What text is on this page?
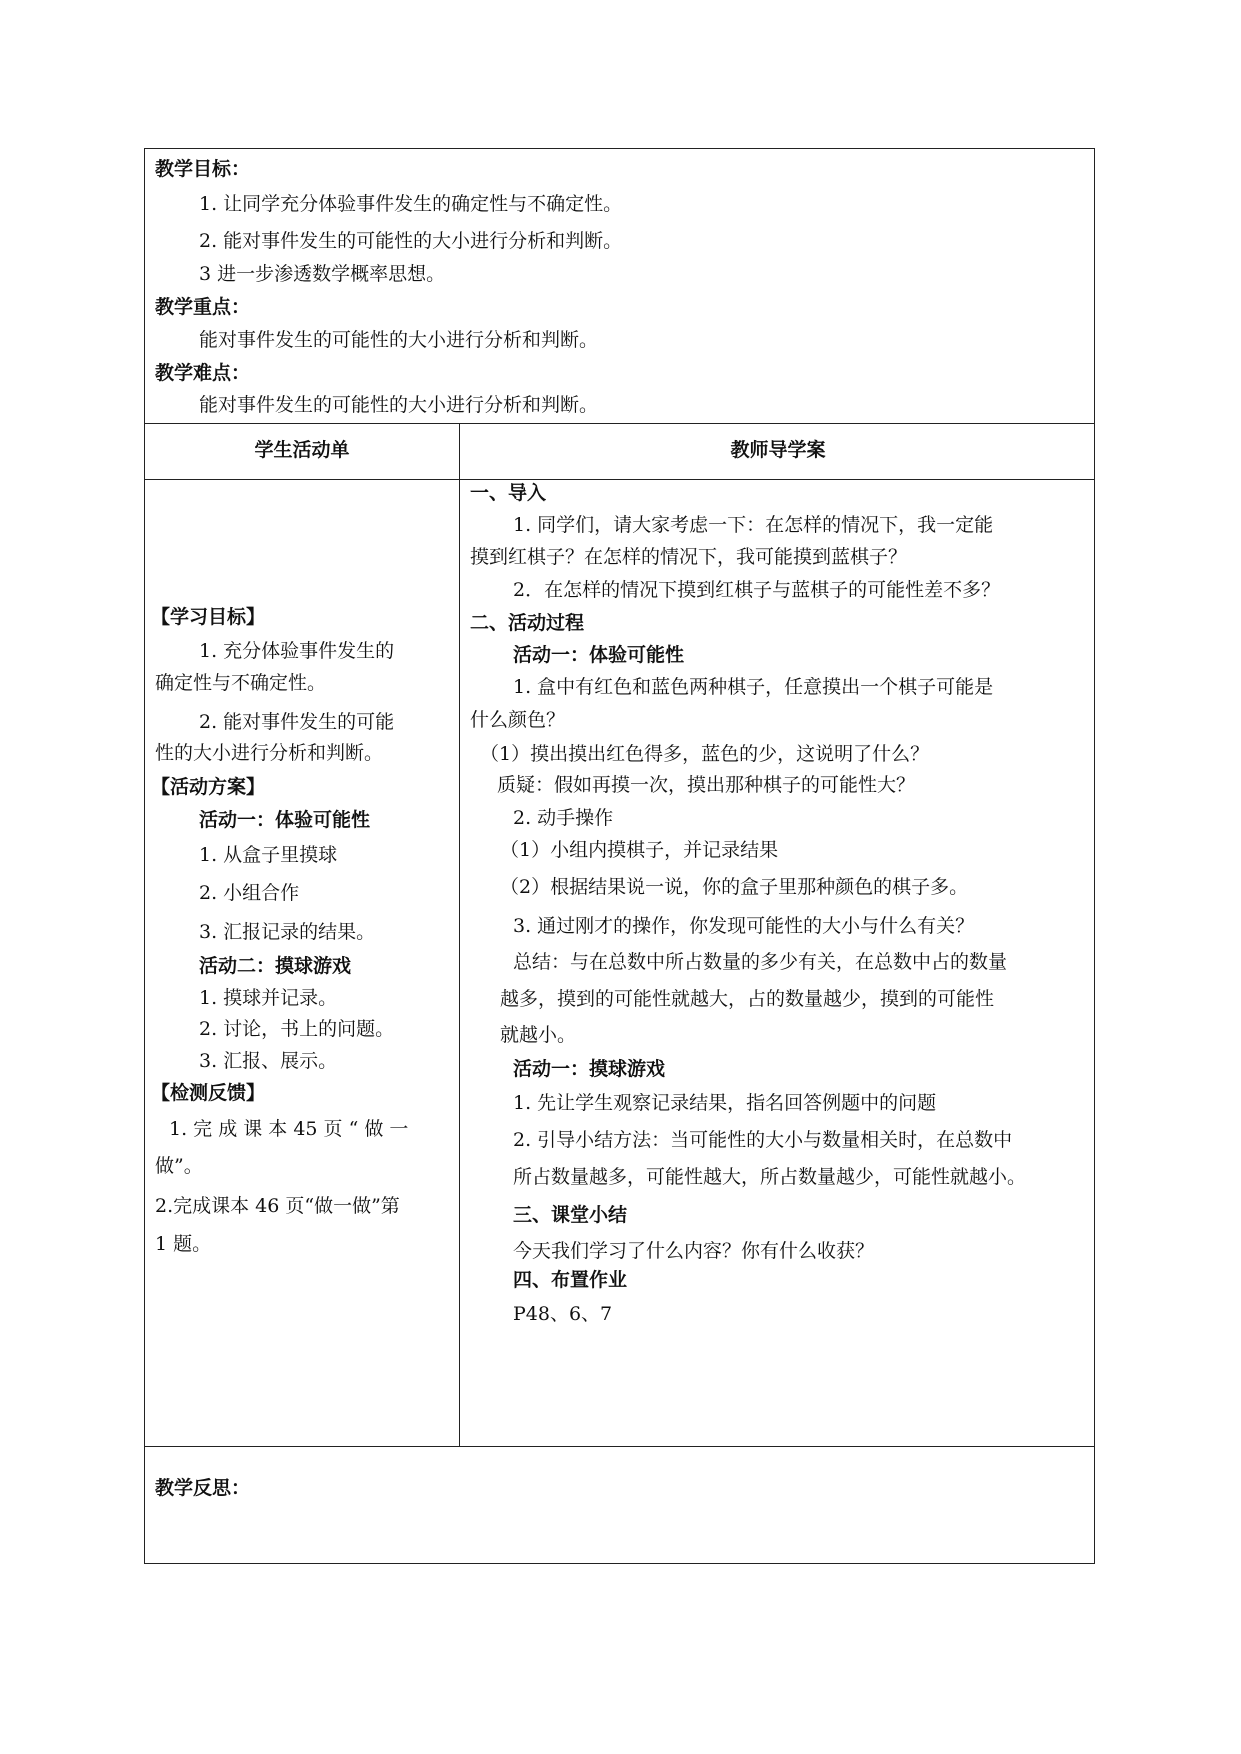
教学目标：
1. 让同学充分体验事件发生的确定性与不确定性。
2. 能对事件发生的可能性的大小进行分析和判断。
3 进一步渗透数学概率思想。
教学重点：
能对事件发生的可能性的大小进行分析和判断。
教学难点：
能对事件发生的可能性的大小进行分析和判断。
学生活动单	教师导学案
【学习目标】
1. 充分体验事件发生的
确定性与不确定性。
2. 能对事件发生的可能
性的大小进行分析和判断。
【活动方案】
活动一：体验可能性
1. 从盒子里摸球
2. 小组合作
3. 汇报记录的结果。
活动二：摸球游戏
1. 摸球并记录。
2. 讨论，书上的问题。
3. 汇报、展示。
【检测反馈】
1. 完 成 课 本 45 页 “ 做 一
做”。
2.完成课本 46 页“做一做”第
1 题。
一、导入
1. 同学们，请大家考虑一下：在怎样的情况下，我一定能
摸到红棋子？在怎样的情况下，我可能摸到蓝棋子？
2．在怎样的情况下摸到红棋子与蓝棋子的可能性差不多？
二、活动过程
活动一：体验可能性
1. 盒中有红色和蓝色两种棋子，任意摸出一个棋子可能是
什么颜色？
（1）摸出摸出红色得多，蓝色的少，这说明了什么？
质疑：假如再摸一次，摸出那种棋子的可能性大？
2. 动手操作
（1）小组内摸棋子，并记录结果
（2）根据结果说一说，你的盒子里那种颜色的棋子多。
3. 通过刚才的操作，你发现可能性的大小与什么有关？
总结：与在总数中所占数量的多少有关，在总数中占的数量
越多，摸到的可能性就越大，占的数量越少，摸到的可能性
就越小。
活动一：摸球游戏
1. 先让学生观察记录结果，指名回答例题中的问题
2. 引导小结方法：当可能性的大小与数量相关时，在总数中
所占数量越多，可能性越大，所占数量越少，可能性就越小。
三、课堂小结
今天我们学习了什么内容？你有什么收获？
四、布置作业
P48、6、7
教学反思：
